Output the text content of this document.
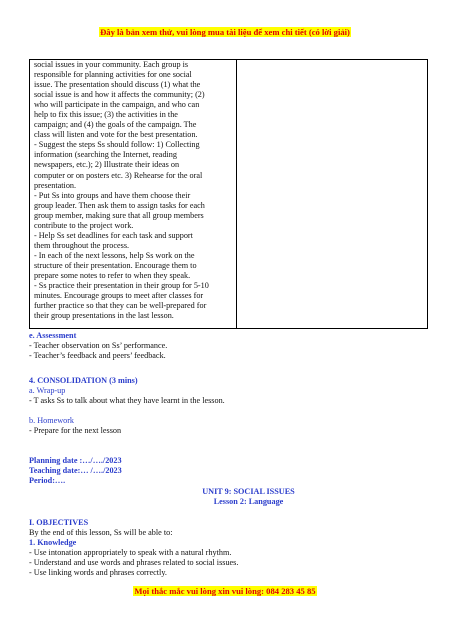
Đây là bản xem thử, vui lòng mua tài liệu để xem chi tiết (có lời giải)
social issues in your community. Each group is
responsible for planning activities for one social
issue. The presentation should discuss (1) what the
social issue is and how it affects the community; (2)
who will participate in the campaign, and who can
help to fix this issue; (3) the activities in the
campaign; and (4) the goals of the campaign. The
class will listen and vote for the best presentation.
- Suggest the steps Ss should follow: 1) Collecting
information (searching the Internet, reading
newspapers, etc.); 2) Illustrate their ideas on
computer or on posters etc. 3) Rehearse for the oral
presentation.
- Put Ss into groups and have them choose their
group leader. Then ask them to assign tasks for each
group member, making sure that all group members
contribute to the project work.
- Help Ss set deadlines for each task and support
them throughout the process.
- In each of the next lessons, help Ss work on the
structure of their presentation. Encourage them to
prepare some notes to refer to when they speak.
- Ss practice their presentation in their group for 5-10
minutes. Encourage groups to meet after classes for
further practice so that they can be well-prepared for
their group presentations in the last lesson.
e. Assessment
- Teacher observation on Ss’ performance.
- Teacher’s feedback and peers’ feedback.
4. CONSOLIDATION (3 mins)
a. Wrap-up
- T asks Ss to talk about what they have learnt in the lesson.
b. Homework
- Prepare for the next lesson
Planning date :…/…./2023
Teaching date:… /…./2023
Period:….
UNIT 9: SOCIAL ISSUES
Lesson 2: Language
I. OBJECTIVES
By the end of this lesson, Ss will be able to:
1. Knowledge
- Use intonation appropriately to speak with a natural rhythm.
- Understand and use words and phrases related to social issues.
- Use linking words and phrases correctly.
Mọi thắc mắc vui lòng xin vui lòng: 084 283 45 85
